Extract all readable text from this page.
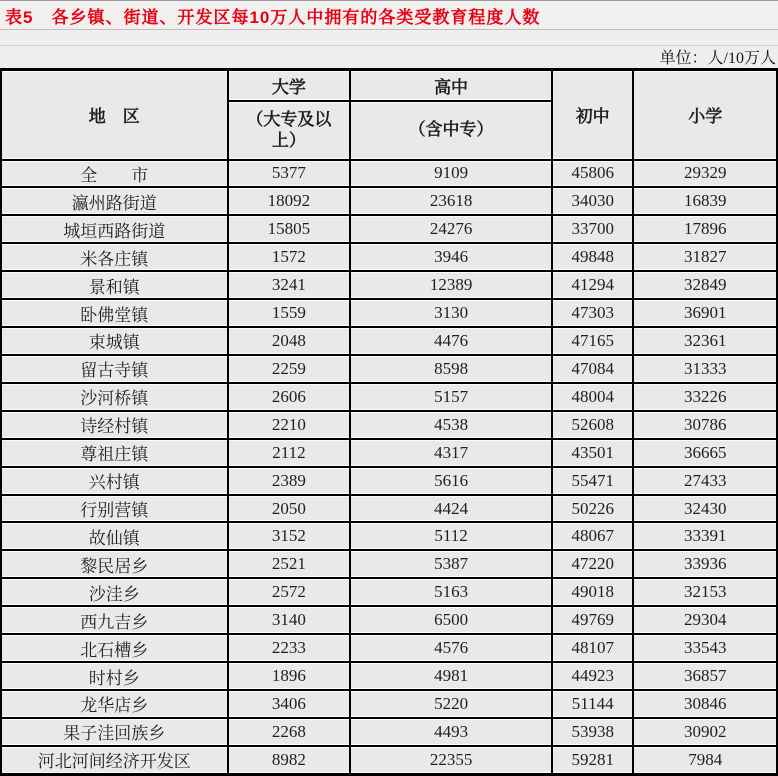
表5　各乡镇、街道、开发区每10万人中拥有的各类受教育程度人数
单位：人/10万人
地　区	大学	高中	初中	小学
	（大专及以上）	（含中专）		
全　　市	5377	9109	45806	29329
瀛州路街道	18092	23618	34030	16839
城垣西路街道	15805	24276	33700	17896
米各庄镇	1572	3946	49848	31827
景和镇	3241	12389	41294	32849
卧佛堂镇	1559	3130	47303	36901
束城镇	2048	4476	47165	32361
留古寺镇	2259	8598	47084	31333
沙河桥镇	2606	5157	48004	33226
诗经村镇	2210	4538	52608	30786
尊祖庄镇	2112	4317	43501	36665
兴村镇	2389	5616	55471	27433
行别营镇	2050	4424	50226	32430
故仙镇	3152	5112	48067	33391
黎民居乡	2521	5387	47220	33936
沙洼乡	2572	5163	49018	32153
西九吉乡	3140	6500	49769	29304
北石槽乡	2233	4576	48107	33543
时村乡	1896	4981	44923	36857
龙华店乡	3406	5220	51144	30846
果子洼回族乡	2268	4493	53938	30902
河北河间经济开发区	8982	22355	59281	7984
